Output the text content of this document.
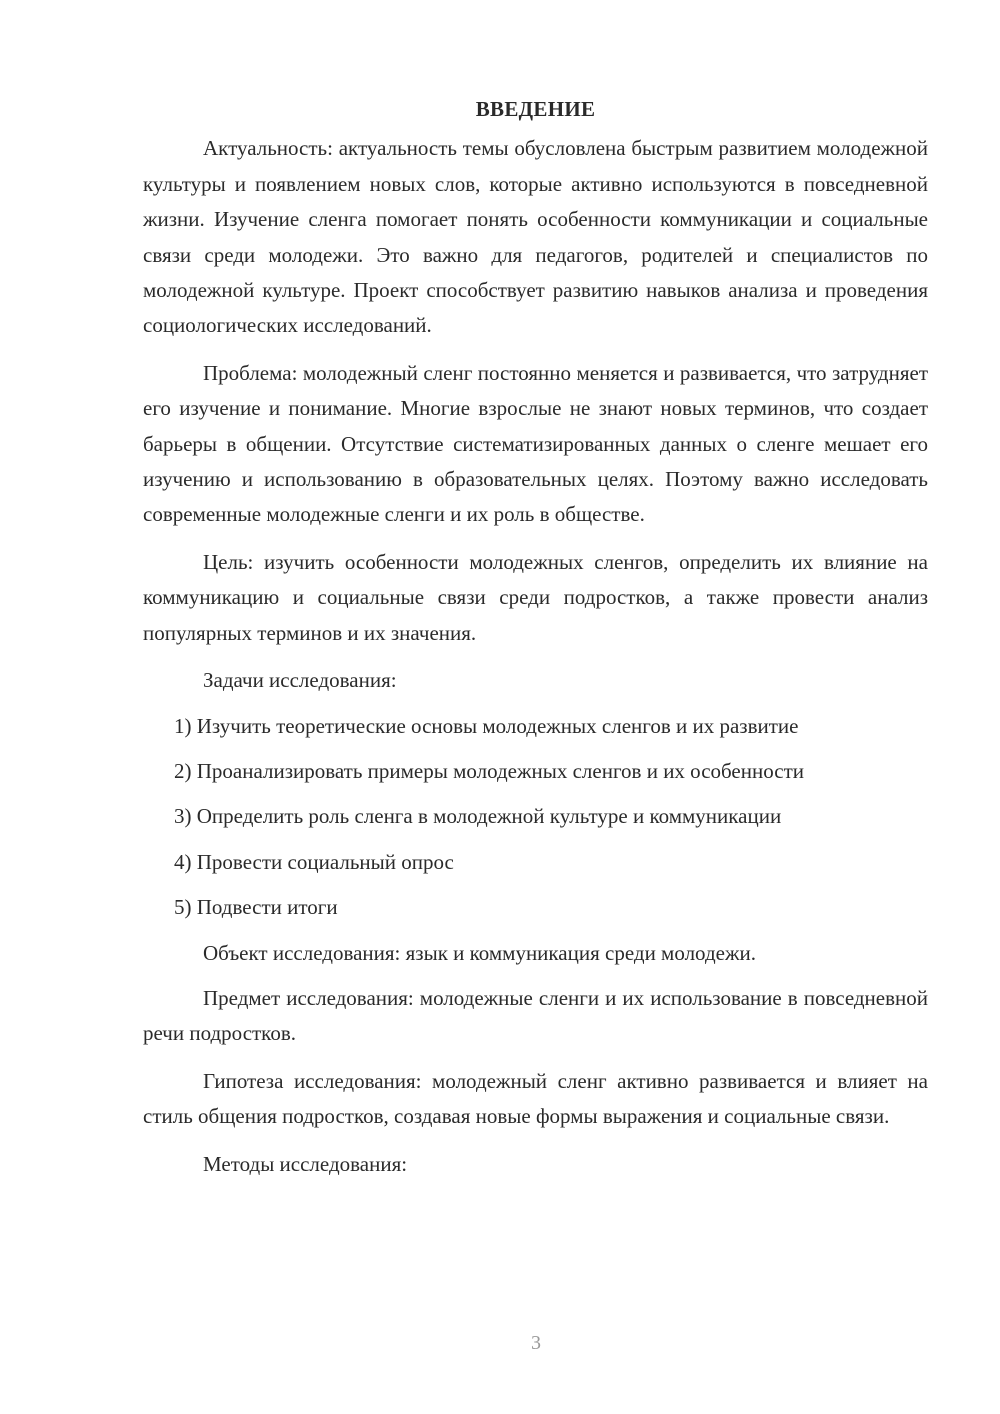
ВВЕДЕНИЕ

Актуальность: актуальность темы обусловлена быстрым развитием молодежной культуры и появлением новых слов, которые активно используются в повседневной жизни. Изучение сленга помогает понять особенности коммуникации и социальные связи среди молодежи. Это важно для педагогов, родителей и специалистов по молодежной культуре. Проект способствует развитию навыков анализа и проведения социологических исследований.

Проблема: молодежный сленг постоянно меняется и развивается, что затрудняет его изучение и понимание. Многие взрослые не знают новых терминов, что создает барьеры в общении. Отсутствие систематизированных данных о сленге мешает его изучению и использованию в образовательных целях. Поэтому важно исследовать современные молодежные сленги и их роль в обществе.

Цель: изучить особенности молодежных сленгов, определить их влияние на коммуникацию и социальные связи среди подростков, а также провести анализ популярных терминов и их значения.

Задачи исследования:

1) Изучить теоретические основы молодежных сленгов и их развитие
2) Проанализировать примеры молодежных сленгов и их особенности
3) Определить роль сленга в молодежной культуре и коммуникации
4) Провести социальный опрос
5) Подвести итоги

Объект исследования: язык и коммуникация среди молодежи.

Предмет исследования: молодежные сленги и их использование в повседневной речи подростков.

Гипотеза исследования: молодежный сленг активно развивается и влияет на стиль общения подростков, создавая новые формы выражения и социальные связи.

Методы исследования:

3
